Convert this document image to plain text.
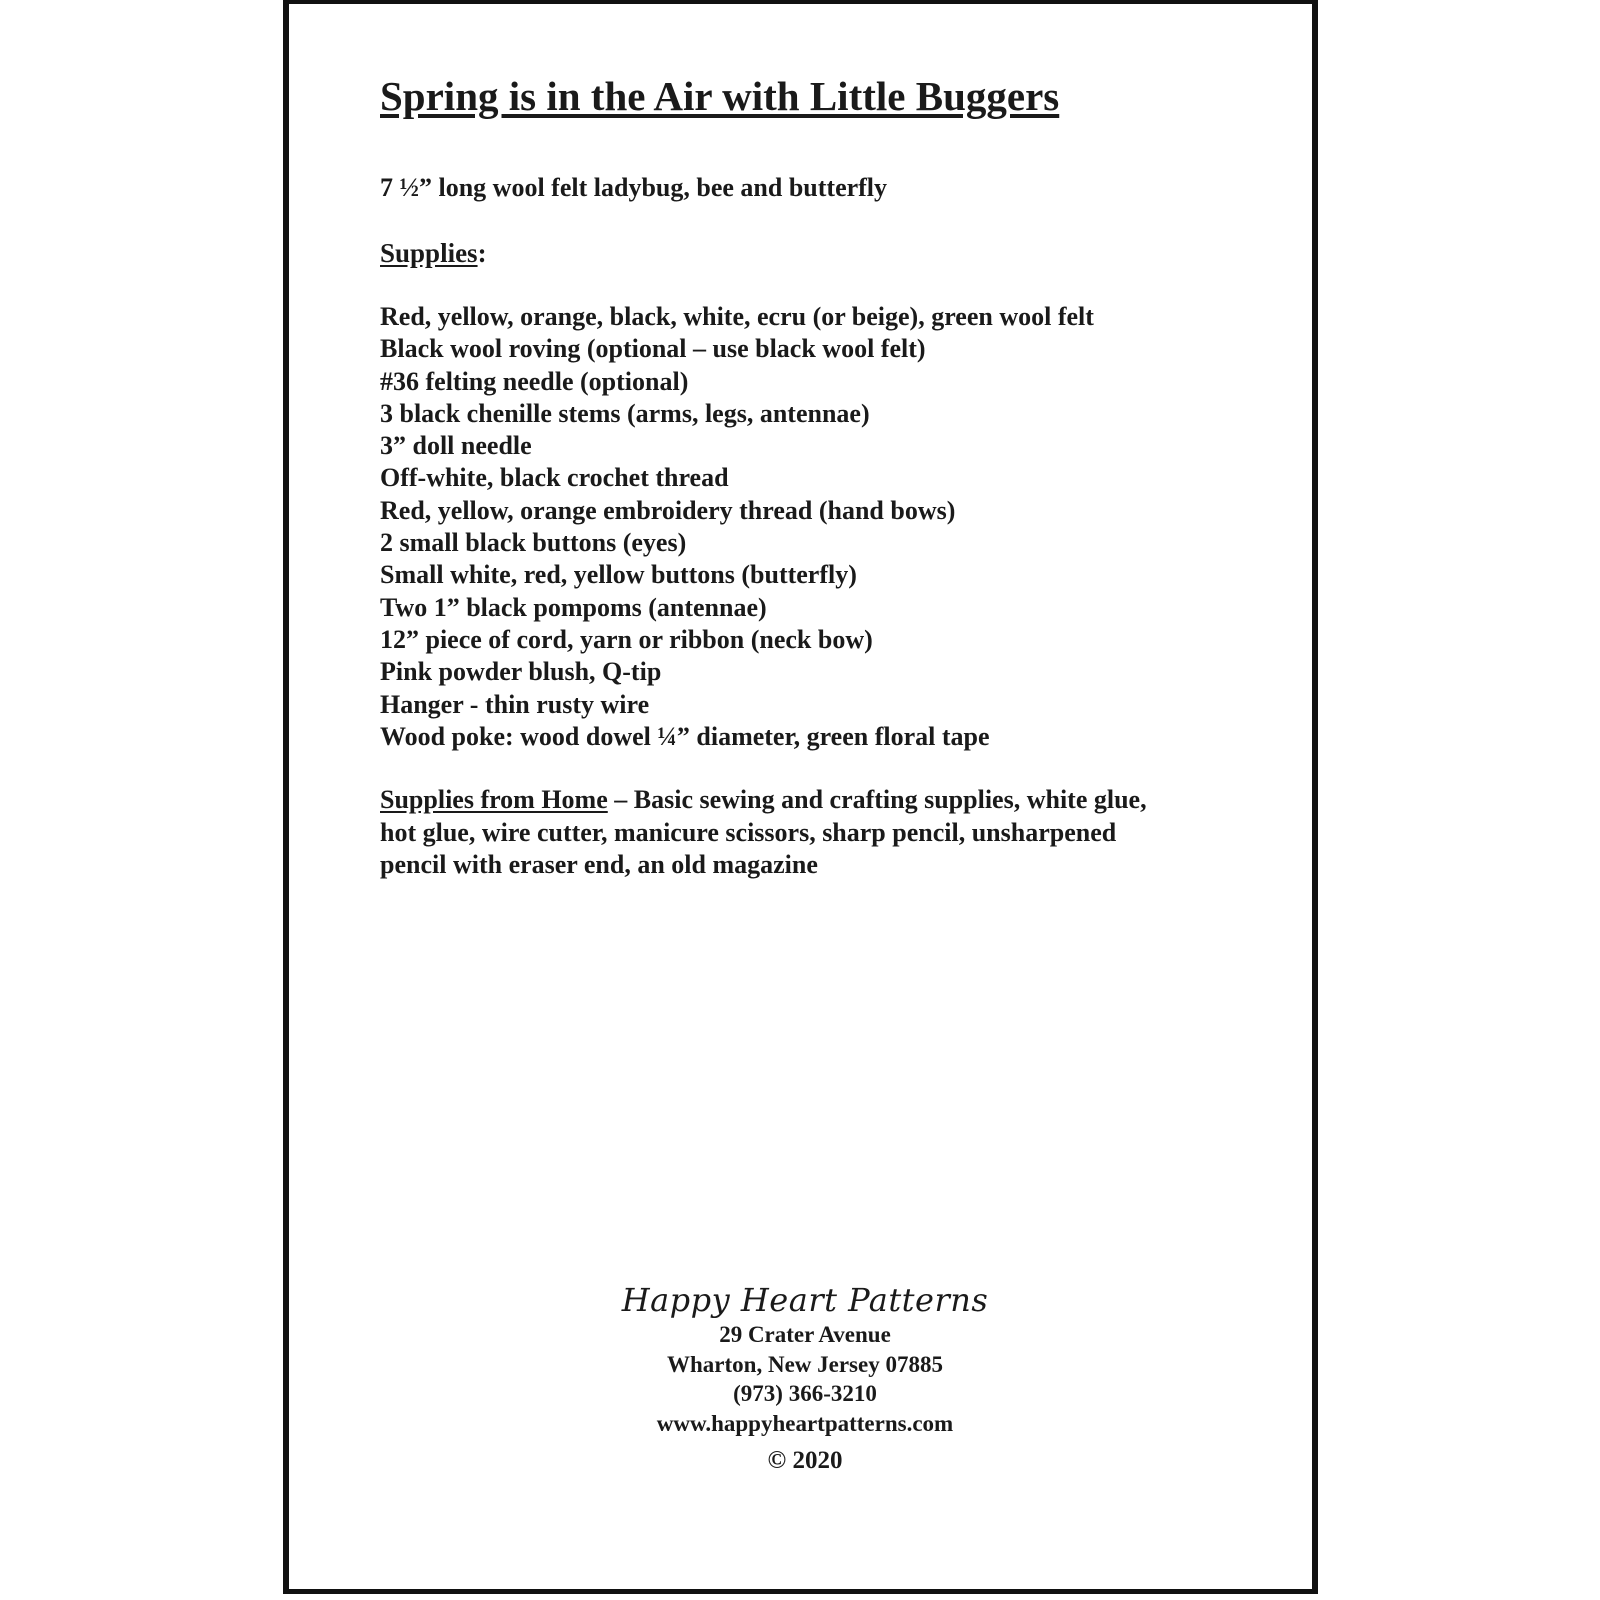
Spring is in the Air with Little Buggers
7 ½” long wool felt ladybug, bee and butterfly
Supplies:
Red, yellow, orange, black, white, ecru (or beige), green wool felt
Black wool roving (optional – use black wool felt)
#36 felting needle (optional)
3 black chenille stems (arms, legs, antennae)
3” doll needle
Off-white, black crochet thread
Red, yellow, orange embroidery thread (hand bows)
2 small black buttons (eyes)
Small white, red, yellow buttons (butterfly)
Two 1” black pompoms (antennae)
12” piece of cord, yarn or ribbon (neck bow)
Pink powder blush, Q-tip
Hanger - thin rusty wire
Wood poke: wood dowel ¼” diameter, green floral tape
Supplies from Home – Basic sewing and crafting supplies, white glue, hot glue, wire cutter, manicure scissors, sharp pencil, unsharpened pencil with eraser end, an old magazine
Happy Heart Patterns
29 Crater Avenue
Wharton, New Jersey 07885
(973) 366-3210
www.happyheartpatterns.com
© 2020
